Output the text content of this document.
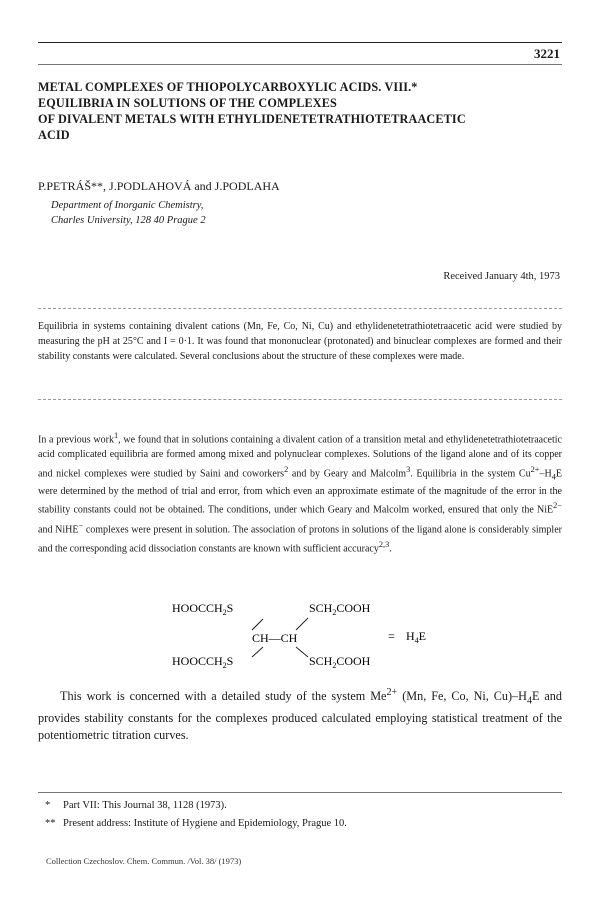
3221
METAL COMPLEXES OF THIOPOLYCARBOXYLIC ACIDS. VIII.*
EQUILIBRIA IN SOLUTIONS OF THE COMPLEXES
OF DIVALENT METALS WITH ETHYLIDENETETRATHIOTETRAACETIC
ACID
P.PETRÁŠ**, J.PODLAHOVÁ and J.PODLAHA
Department of Inorganic Chemistry,
Charles University, 128 40 Prague 2
Received January 4th, 1973
Equilibria in systems containing divalent cations (Mn, Fe, Co, Ni, Cu) and ethylidenetetrathiotetraacetic acid were studied by measuring the pH at 25°C and I = 0·1. It was found that mononuclear (protonated) and binuclear complexes are formed and their stability constants were calculated. Several conclusions about the structure of these complexes were made.
In a previous work$^1$, we found that in solutions containing a divalent cation of a transition metal and ethylidenetetrathiotetraacetic acid complicated equilibria are formed among mixed and polynuclear complexes. Solutions of the ligand alone and of its copper and nickel complexes were studied by Saini and coworkers$^2$ and by Geary and Malcolm$^3$. Equilibria in the system $Cu^{2+}-H_4E$ were determined by the method of trial and error, from which even an approximate estimate of the magnitude of the error in the stability constants could not be obtained. The conditions, under which Geary and Malcolm worked, ensured that only the NiE$^{2-}$ and NiHE− complexes were present in solution. The association of protons in solutions of the ligand alone is considerably simpler and the corresponding acid dissociation constants are known with sufficient accuracy$^{2,3}$.
$HOOCCH_2S$	$SCH_2COOH$
CH—CH
$HOOCCH_2S$	$SCH_2COOH$
= $H_4E$
This work is concerned with a detailed study of the system $Me^{2+}$ (Mn, Fe, Co, Ni, $Cu)-H_4E$ and provides stability constants for the complexes produced calculated employing statistical treatment of the potentiometric titration curves.
* Part VII: This Journal 38, 1128 (1973).
** Present address: Institute of Hygiene and Epidemiology, Prague 10.
Collection Czechoslov. Chem. Commun. /Vol. 38/ (1973)
